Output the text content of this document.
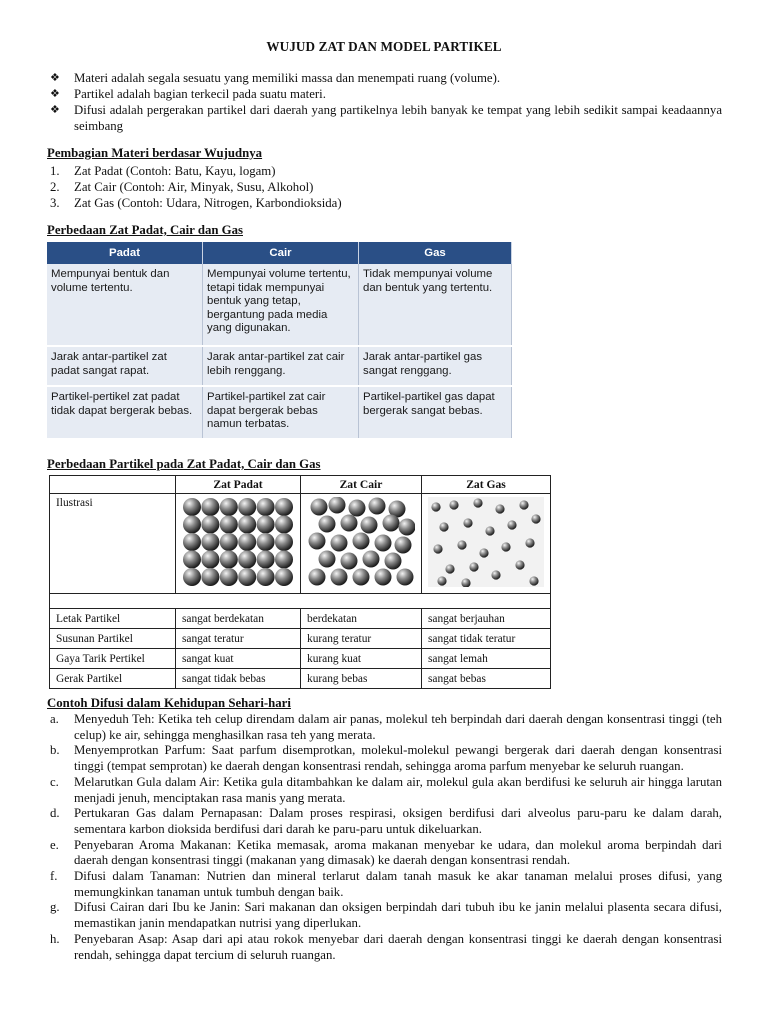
WUJUD ZAT DAN MODEL PARTIKEL
❖	Materi adalah segala sesuatu yang memiliki massa dan menempati ruang (volume).
❖	Partikel adalah bagian terkecil pada suatu materi.
❖	Difusi adalah pergerakan partikel dari daerah yang partikelnya lebih banyak ke tempat yang lebih sedikit sampai keadaannya seimbang
Pembagian Materi berdasar Wujudnya
1.	Zat Padat (Contoh: Batu, Kayu, logam)
2.	Zat Cair (Contoh: Air, Minyak, Susu, Alkohol)
3.	Zat Gas (Contoh: Udara, Nitrogen, Karbondioksida)
Perbedaan Zat Padat, Cair dan Gas
Padat	Cair	Gas
Mempunyai bentuk dan volume tertentu.	Mempunyai volume tertentu, tetapi tidak mempunyai bentuk yang tetap, bergantung pada media yang digunakan.	Tidak mempunyai volume dan bentuk yang tertentu.
Jarak antar-partikel zat padat sangat rapat.	Jarak antar-partikel zat cair lebih renggang.	Jarak antar-partikel gas sangat renggang.
Partikel-pertikel zat padat tidak dapat bergerak bebas.	Partikel-partikel zat cair dapat bergerak bebas namun terbatas.	Partikel-partikel gas dapat bergerak sangat bebas.
Perbedaan Partikel pada Zat Padat, Cair dan Gas
	Zat Padat	Zat Cair	Zat Gas
Ilustrasi	

Letak Partikel	sangat berdekatan	berdekatan	sangat berjauhan
Susunan Partikel	sangat teratur	kurang teratur	sangat tidak teratur
Gaya Tarik Pertikel	sangat kuat	kurang kuat	sangat lemah
Gerak Partikel	sangat tidak bebas	kurang bebas	sangat bebas
Contoh Difusi dalam Kehidupan Sehari-hari
a.	Menyeduh Teh: Ketika teh celup direndam dalam air panas, molekul teh berpindah dari daerah dengan konsentrasi tinggi (teh celup) ke air, sehingga menghasilkan rasa teh yang merata.
b.	Menyemprotkan Parfum: Saat parfum disemprotkan, molekul-molekul pewangi bergerak dari daerah dengan konsentrasi tinggi (tempat semprotan) ke daerah dengan konsentrasi rendah, sehingga aroma parfum menyebar ke seluruh ruangan.
c.	Melarutkan Gula dalam Air: Ketika gula ditambahkan ke dalam air, molekul gula akan berdifusi ke seluruh air hingga larutan menjadi jenuh, menciptakan rasa manis yang merata.
d.	Pertukaran Gas dalam Pernapasan: Dalam proses respirasi, oksigen berdifusi dari alveolus paru-paru ke dalam darah, sementara karbon dioksida berdifusi dari darah ke paru-paru untuk dikeluarkan.
e.	Penyebaran Aroma Makanan: Ketika memasak, aroma makanan menyebar ke udara, dan molekul aroma berpindah dari daerah dengan konsentrasi tinggi (makanan yang dimasak) ke daerah dengan konsentrasi rendah.
f.	Difusi dalam Tanaman: Nutrien dan mineral terlarut dalam tanah masuk ke akar tanaman melalui proses difusi, yang memungkinkan tanaman untuk tumbuh dengan baik.
g.	Difusi Cairan dari Ibu ke Janin: Sari makanan dan oksigen berpindah dari tubuh ibu ke janin melalui plasenta secara difusi, memastikan janin mendapatkan nutrisi yang diperlukan.
h.	Penyebaran Asap: Asap dari api atau rokok menyebar dari daerah dengan konsentrasi tinggi ke daerah dengan konsentrasi rendah, sehingga dapat tercium di seluruh ruangan.
